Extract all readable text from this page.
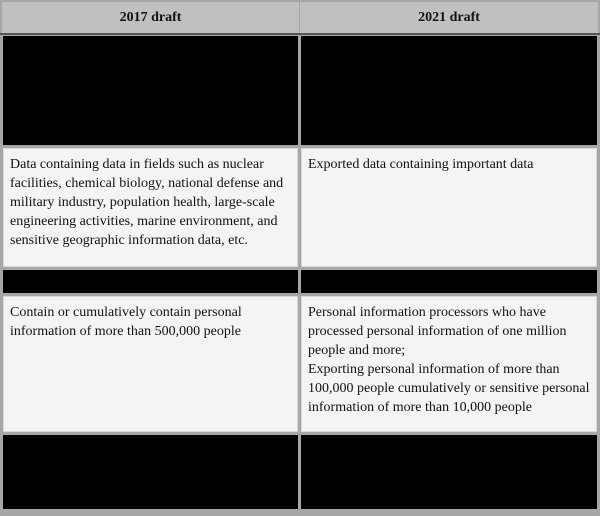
2017 draft	2021 draft
Data containing data in fields such as nuclear facilities, chemical biology, national defense and military industry, population health, large-scale engineering activities, marine environment, and sensitive geographic information data, etc.
Exported data containing important data
Contain or cumulatively contain personal information of more than 500,000 people
Personal information processors who have processed personal information of one million people and more;
Exporting personal information of more than 100,000 people cumulatively or sensitive personal information of more than 10,000 people
